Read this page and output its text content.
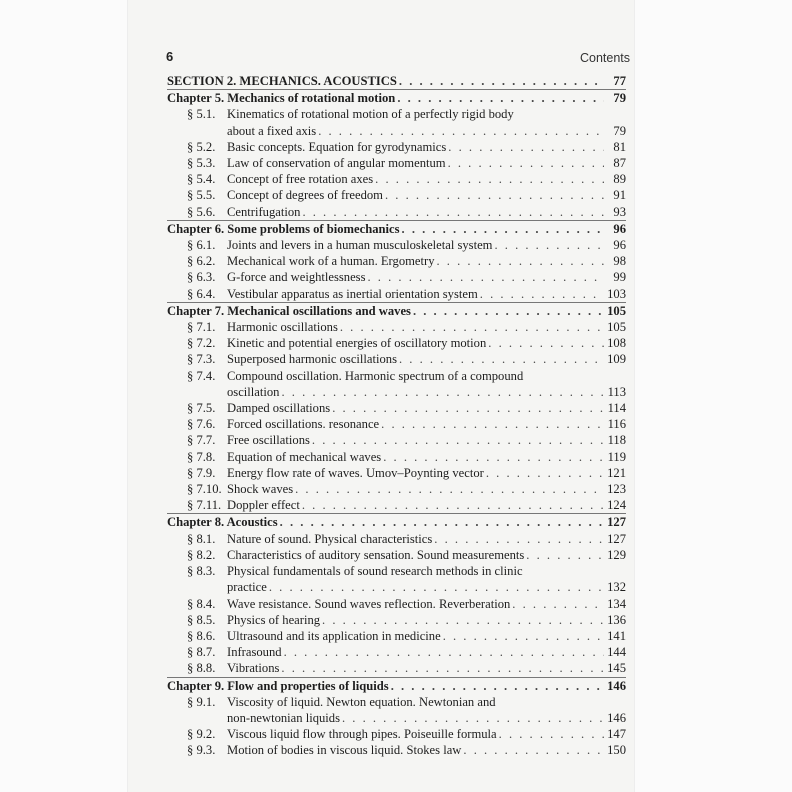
6	Contents
SECTION 2. MECHANICS. ACOUSTICS . . .	77
Chapter 5. Mechanics of rotational motion . . .	79
§ 5.1. Kinematics of rotational motion of a perfectly rigid body
about a fixed axis . . .	79
§ 5.2. Basic concepts. Equation for gyrodynamics . . .	81
§ 5.3. Law of conservation of angular momentum . . .	87
§ 5.4. Concept of free rotation axes . . .	89
§ 5.5. Concept of degrees of freedom . . .	91
§ 5.6. Centrifugation . . .	93
Chapter 6. Some problems of biomechanics . . .	96
§ 6.1. Joints and levers in a human musculoskeletal system . . .	96
§ 6.2. Mechanical work of a human. Ergometry . . .	98
§ 6.3. G-force and weightlessness . . .	99
§ 6.4. Vestibular apparatus as inertial orientation system . . .	103
Chapter 7. Mechanical oscillations and waves . . .	105
§ 7.1. Harmonic oscillations . . .	105
§ 7.2. Kinetic and potential energies of oscillatory motion . . .	108
§ 7.3. Superposed harmonic oscillations . . .	109
§ 7.4. Compound oscillation. Harmonic spectrum of a compound
oscillation . . .	113
§ 7.5. Damped oscillations . . .	114
§ 7.6. Forced oscillations. resonance . . .	116
§ 7.7. Free oscillations . . .	118
§ 7.8. Equation of mechanical waves . . .	119
§ 7.9. Energy flow rate of waves. Umov–Poynting vector . . .	121
§ 7.10. Shock waves . . .	123
§ 7.11. Doppler effect . . .	124
Chapter 8. Acoustics . . .	127
§ 8.1. Nature of sound. Physical characteristics . . .	127
§ 8.2. Characteristics of auditory sensation. Sound measurements . . .	129
§ 8.3. Physical fundamentals of sound research methods in clinic
practice . . .	132
§ 8.4. Wave resistance. Sound waves reflection. Reverberation . . .	134
§ 8.5. Physics of hearing . . .	136
§ 8.6. Ultrasound and its application in medicine . . .	141
§ 8.7. Infrasound . . .	144
§ 8.8. Vibrations . . .	145
Chapter 9. Flow and properties of liquids . . .	146
§ 9.1. Viscosity of liquid. Newton equation. Newtonian and
non-newtonian liquids . . .	146
§ 9.2. Viscous liquid flow through pipes. Poiseuille formula . . .	147
§ 9.3. Motion of bodies in viscous liquid. Stokes law . . .	150
